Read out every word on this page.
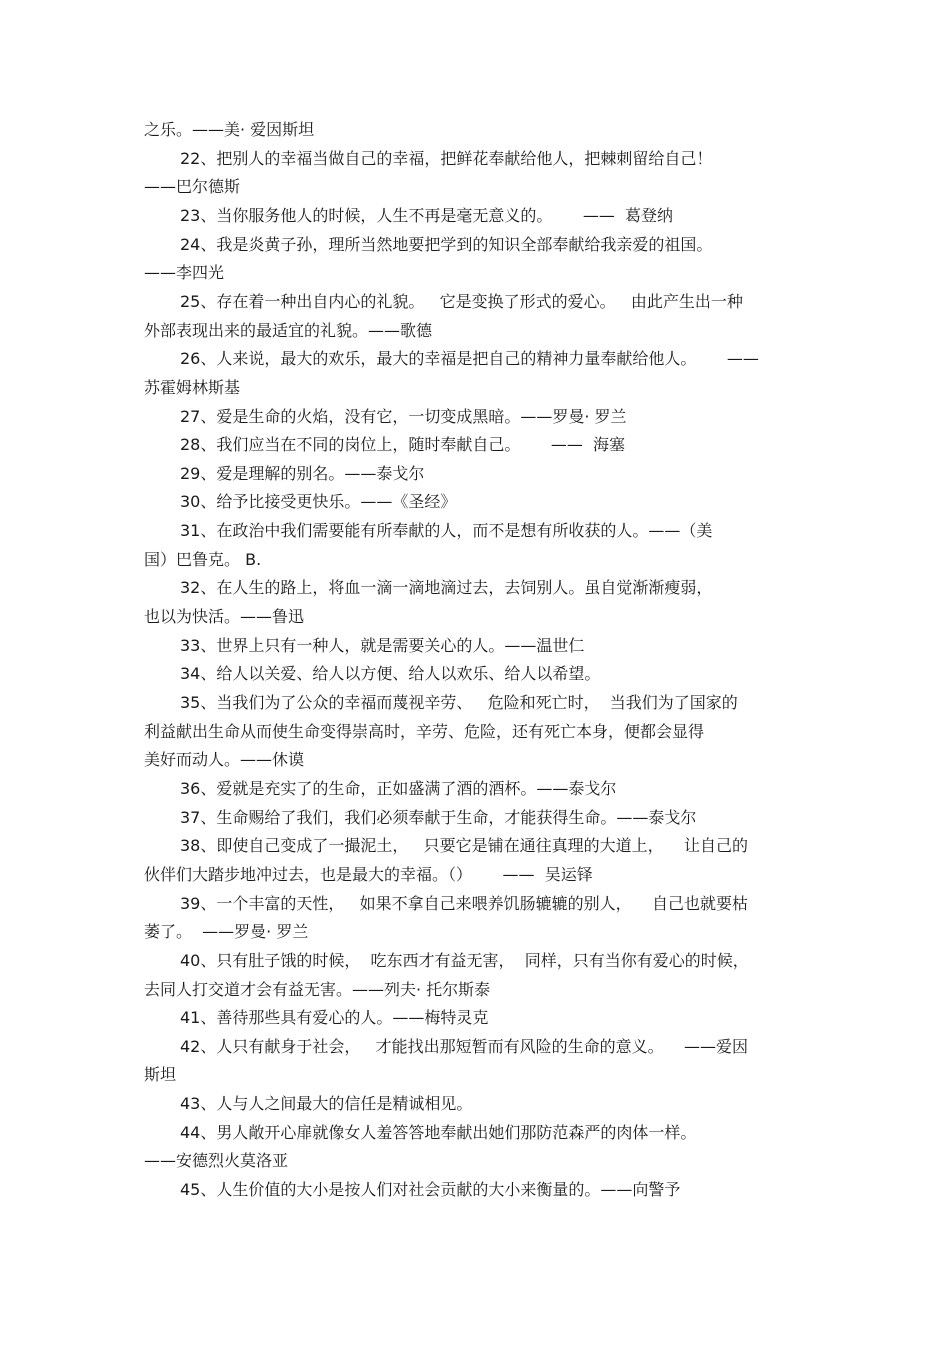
之乐。——美· 爱因斯坦
22、把别人的幸福当做自己的幸福，把鲜花奉献给他人，把棘刺留给自己！
——巴尔德斯
23、当你服务他人的时候，人生不再是毫无意义的。      ——  葛登纳
24、我是炎黄子孙，理所当然地要把学到的知识全部奉献给我亲爱的祖国。
——李四光
25、存在着一种出自内心的礼貌。   它是变换了形式的爱心。   由此产生出一种
外部表现出来的最适宜的礼貌。——歌德
26、人来说，最大的欢乐，最大的幸福是把自己的精神力量奉献给他人。      ——
苏霍姆林斯基
27、爱是生命的火焰，没有它，一切变成黑暗。——罗曼· 罗兰
28、我们应当在不同的岗位上，随时奉献自己。      ——  海塞
29、爱是理解的别名。——泰戈尔
30、给予比接受更快乐。——《圣经》
31、在政治中我们需要能有所奉献的人，而不是想有所收获的人。——（美
国）巴鲁克。 B.
32、在人生的路上，将血一滴一滴地滴过去，去饲别人。虽自觉渐渐瘦弱，
也以为快活。——鲁迅
33、世界上只有一种人，就是需要关心的人。——温世仁
34、给人以关爱、给人以方便、给人以欢乐、给人以希望。
35、当我们为了公众的幸福而蔑视辛劳、   危险和死亡时，  当我们为了国家的
利益献出生命从而使生命变得崇高时，辛劳、危险，还有死亡本身，便都会显得
美好而动人。——休谟
36、爱就是充实了的生命，正如盛满了酒的酒杯。——泰戈尔
37、生命赐给了我们，我们必须奉献于生命，才能获得生命。——泰戈尔
38、即使自己变成了一撮泥土，   只要它是铺在通往真理的大道上，    让自己的
伙伴们大踏步地冲过去，也是最大的幸福。（）      ——  吴运铎
39、一个丰富的天性，   如果不拿自己来喂养饥肠辘辘的别人，    自己也就要枯
萎了。  ——罗曼· 罗兰
40、只有肚子饿的时候，  吃东西才有益无害，  同样，只有当你有爱心的时候，
去同人打交道才会有益无害。——列夫· 托尔斯泰
41、善待那些具有爱心的人。——梅特灵克
42、人只有献身于社会，   才能找出那短暂而有风险的生命的意义。    ——爱因
斯坦
43、人与人之间最大的信任是精诚相见。
44、男人敞开心扉就像女人羞答答地奉献出她们那防范森严的肉体一样。
——安德烈火莫洛亚
45、人生价值的大小是按人们对社会贡献的大小来衡量的。——向警予
